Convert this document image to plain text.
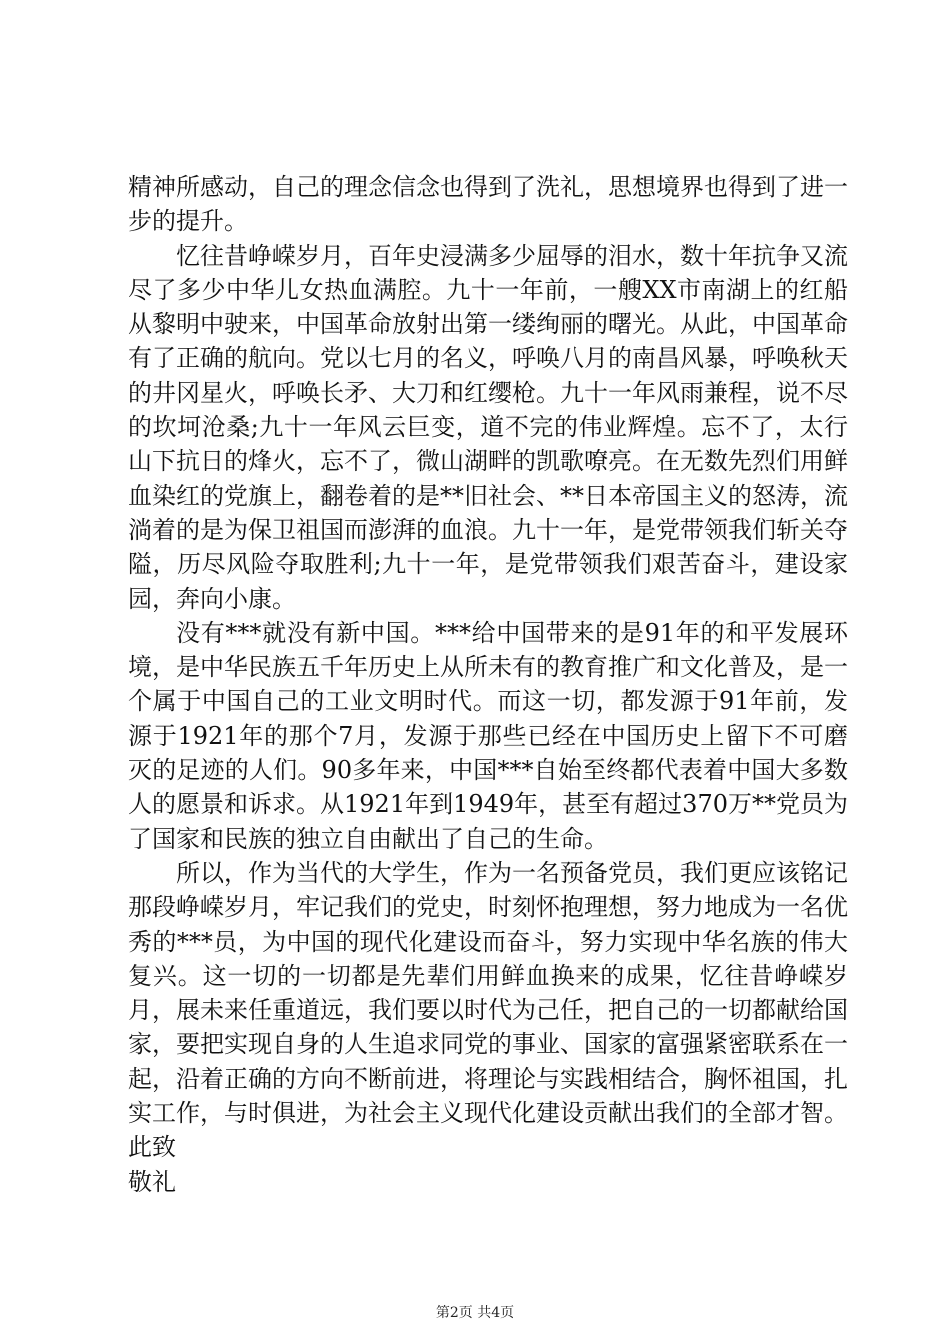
精神所感动，自己的理念信念也得到了洗礼，思想境界也得到了进一步的提升。

忆往昔峥嵘岁月，百年史浸满多少屈辱的泪水，数十年抗争又流尽了多少中华儿女热血满腔。九十一年前，一艘XX市南湖上的红船从黎明中驶来，中国革命放射出第一缕绚丽的曙光。从此，中国革命有了正确的航向。党以七月的名义，呼唤八月的南昌风暴，呼唤秋天的井冈星火，呼唤长矛、大刀和红缨枪。九十一年风雨兼程，说不尽的坎坷沧桑;九十一年风云巨变，道不完的伟业辉煌。忘不了，太行山下抗日的烽火，忘不了，微山湖畔的凯歌嘹亮。在无数先烈们用鲜血染红的党旗上，翻卷着的是**旧社会、**日本帝国主义的怒涛，流淌着的是为保卫祖国而澎湃的血浪。九十一年，是党带领我们斩关夺隘，历尽风险夺取胜利;九十一年，是党带领我们艰苦奋斗，建设家园，奔向小康。

没有***就没有新中国。***给中国带来的是91年的和平发展环境，是中华民族五千年历史上从所未有的教育推广和文化普及，是一个属于中国自己的工业文明时代。而这一切，都发源于91年前，发源于1921年的那个7月，发源于那些已经在中国历史上留下不可磨灭的足迹的人们。90多年来，中国***自始至终都代表着中国大多数人的愿景和诉求。从1921年到1949年，甚至有超过370万**党员为了国家和民族的独立自由献出了自己的生命。

所以，作为当代的大学生，作为一名预备党员，我们更应该铭记那段峥嵘岁月，牢记我们的党史，时刻怀抱理想，努力地成为一名优秀的***员，为中国的现代化建设而奋斗，努力实现中华名族的伟大复兴。这一切的一切都是先辈们用鲜血换来的成果，忆往昔峥嵘岁月，展未来任重道远，我们要以时代为己任，把自己的一切都献给国家，要把实现自身的人生追求同党的事业、国家的富强紧密联系在一起，沿着正确的方向不断前进，将理论与实践相结合，胸怀祖国，扎实工作，与时俱进，为社会主义现代化建设贡献出我们的全部才智。

此致

敬礼

第2页 共4页
